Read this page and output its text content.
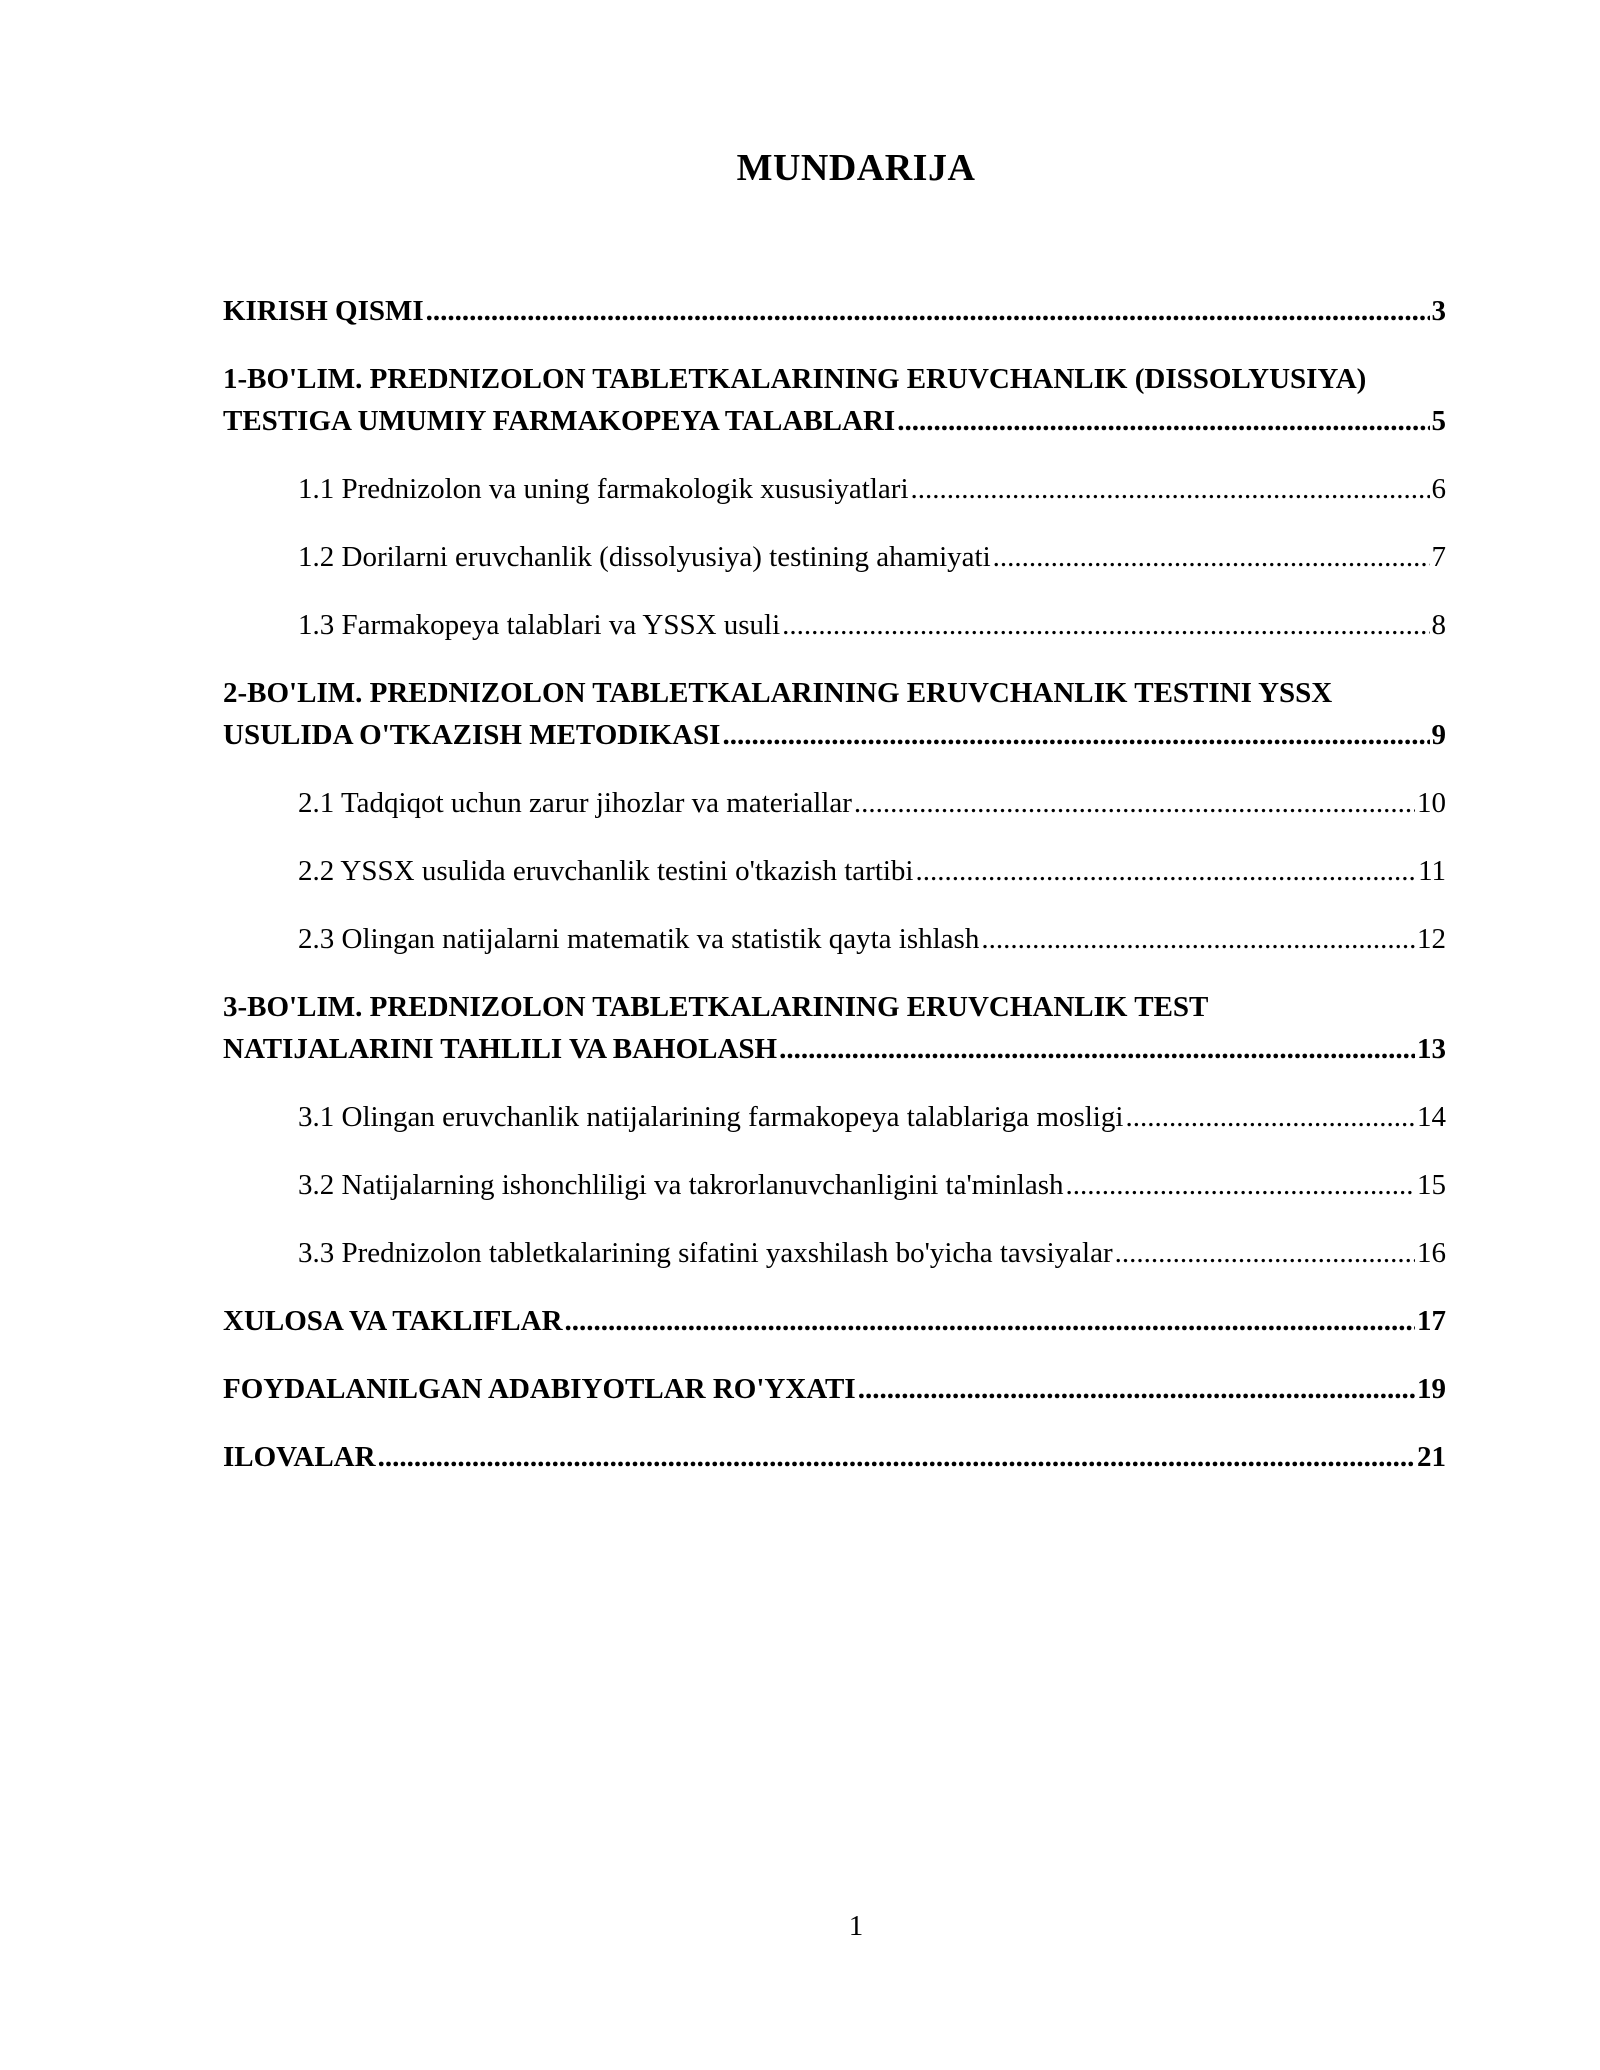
MUNDARIJA
KIRISH QISMI .....	3
1-BO'LIM. PREDNIZOLON TABLETKALARINING ERUVCHANLIK (DISSOLYUSIYA)
TESTIGA UMUMIY FARMAKOPEYA TALABLARI .....	5
1.1 Prednizolon va uning farmakologik xususiyatlari .....	6
1.2 Dorilarni eruvchanlik (dissolyusiya) testining ahamiyati .....	7
1.3 Farmakopeya talablari va YSSX usuli .....	8
2-BO'LIM. PREDNIZOLON TABLETKALARINING ERUVCHANLIK TESTINI YSSX
USULIDA O'TKAZISH METODIKASI .....	9
2.1 Tadqiqot uchun zarur jihozlar va materiallar .....	10
2.2 YSSX usulida eruvchanlik testini o'tkazish tartibi .....	11
2.3 Olingan natijalarni matematik va statistik qayta ishlash .....	12
3-BO'LIM. PREDNIZOLON TABLETKALARINING ERUVCHANLIK TEST
NATIJALARINI TAHLILI VA BAHOLASH .....	13
3.1 Olingan eruvchanlik natijalarining farmakopeya talablariga mosligi .....	14
3.2 Natijalarning ishonchliligi va takrorlanuvchanligini ta'minlash .....	15
3.3 Prednizolon tabletkalarining sifatini yaxshilash bo'yicha tavsiyalar .....	16
XULOSA VA TAKLIFLAR .....	17
FOYDALANILGAN ADABIYOTLAR RO'YXATI .....	19
ILOVALAR .....	21
1
